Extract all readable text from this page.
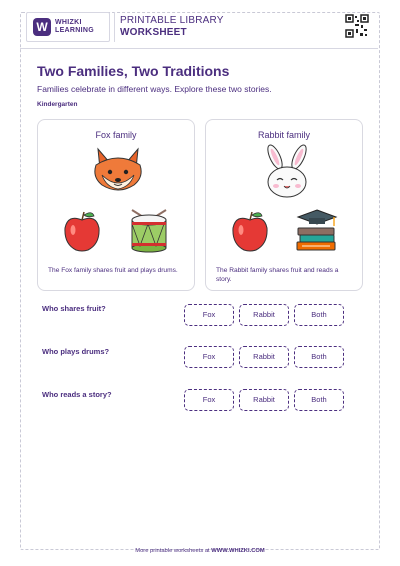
W	WHIZKI
LEARNING
PRINTABLE LIBRARY
WORKSHEET
Two Families, Two Traditions
Families celebrate in different ways. Explore these two stories.
Kindergarten
Fox family
The Fox family shares fruit and plays drums.
Rabbit family
The Rabbit family shares fruit and reads a story.
Who shares fruit?
Fox	Rabbit	Both
Who plays drums?
Fox	Rabbit	Both
Who reads a story?
Fox	Rabbit	Both
More printable worksheets at WWW.WHIZKI.COM
